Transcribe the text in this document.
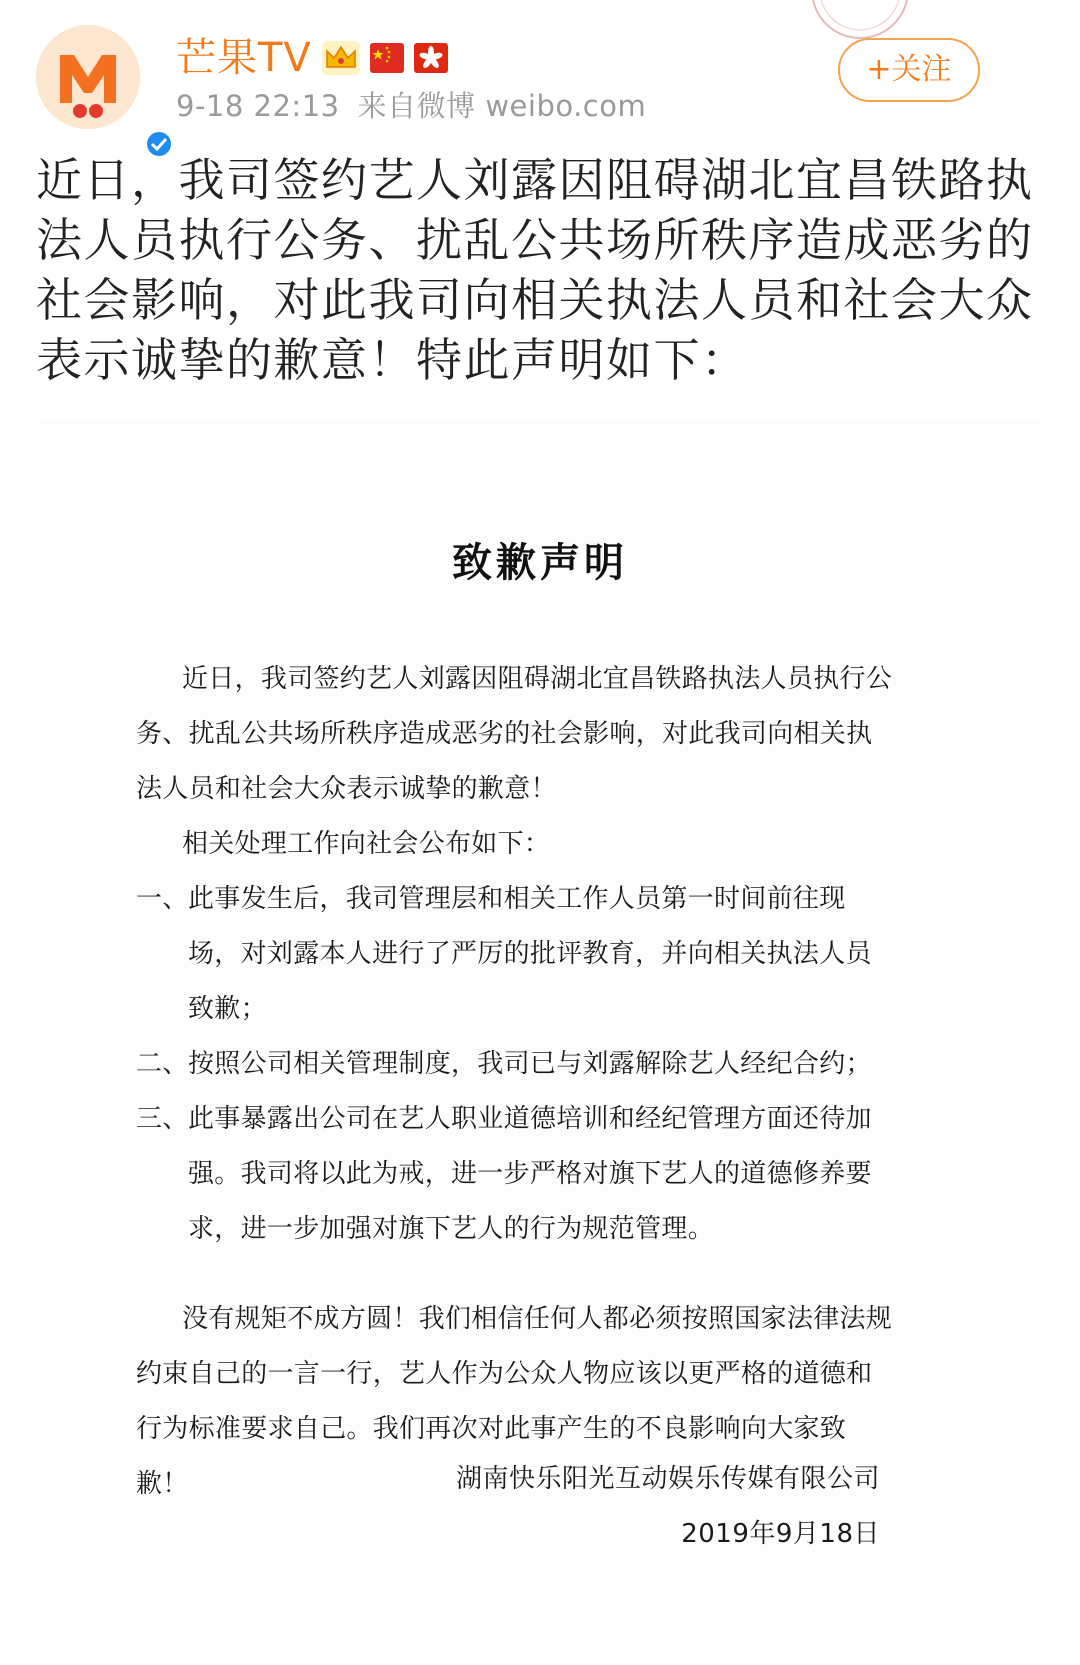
芒果TV
9-18 22:13 来自微博 weibo.com
+关注
近日，我司签约艺人刘露因阻碍湖北宜昌铁路执法人员执行公务、扰乱公共场所秩序造成恶劣的社会影响，对此我司向相关执法人员和社会大众表示诚挚的歉意！特此声明如下：
致歉声明

近日，我司签约艺人刘露因阻碍湖北宜昌铁路执法人员执行公务、扰乱公共场所秩序造成恶劣的社会影响，对此我司向相关执法人员和社会大众表示诚挚的歉意！

相关处理工作向社会公布如下：

一、 此事发生后，我司管理层和相关工作人员第一时间前往现场，对刘露本人进行了严厉的批评教育，并向相关执法人员致歉；
二、 按照公司相关管理制度，我司已与刘露解除艺人经纪合约；
三、 此事暴露出公司在艺人职业道德培训和经纪管理方面还待加强。我司将以此为戒，进一步严格对旗下艺人的道德修养要求，进一步加强对旗下艺人的行为规范管理。

没有规矩不成方圆！我们相信任何人都必须按照国家法律法规约束自己的一言一行，艺人作为公众人物应该以更严格的道德和行为标准要求自己。我们再次对此事产生的不良影响向大家致歉！	湖南快乐阳光互动娱乐传媒有限公司
2019年9月18日
